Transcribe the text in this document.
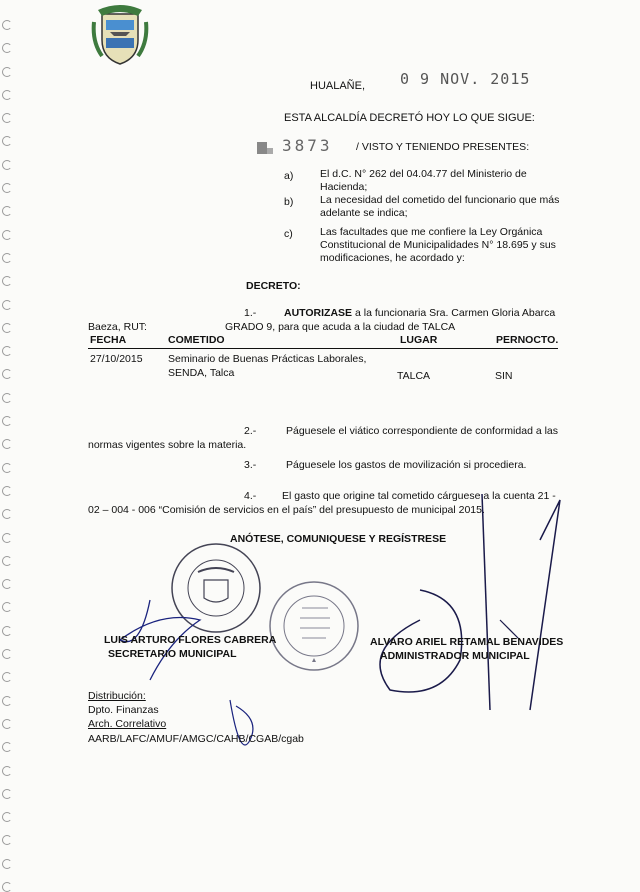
HUALAÑE, 0 9 NOV. 2015
ESTA ALCALDÍA DECRETÓ HOY LO QUE SIGUE:
3873 / VISTO Y TENIENDO PRESENTES:
a)	El d.C. N° 262 del 04.04.77 del Ministerio de Hacienda;
b)	La necesidad del cometido del funcionario que más adelante se indica;
c)	Las facultades que me confiere la Ley Orgánica Constitucional de Municipalidades N° 18.695 y sus modificaciones, he acordado y:
DECRETO:
1.-	AUTORIZASE a la funcionaria Sra. Carmen Gloria Abarca
Baeza, RUT:	GRADO 9, para que acuda a la ciudad de TALCA
FECHA	COMETIDO	LUGAR	PERNOCTO.
27/10/2015 Seminario de Buenas Prácticas Laborales,
SENDA, Talca	TALCA	SIN
2.-	Páguesele el viático correspondiente de conformidad a las
normas vigentes sobre la materia.
3.-	Páguesele los gastos de movilización si procediera.
4.- El gasto que origine tal cometido cárguese a la cuenta 21 -
02 – 004 - 006 “Comisión de servicios en el país” del presupuesto de municipal 2015.
ANÓTESE, COMUNIQUESE Y REGÍSTRESE
LUIS ARTURO FLORES CABRERA
SECRETARIO MUNICIPAL
ALVARO ARIEL RETAMAL BENAVIDES
ADMINISTRADOR MUNICIPAL
Distribución:
Dpto. Finanzas
Arch. Correlativo
AARB/LAFC/AMUF/AMGC/CAHB/CGAB/cgab
